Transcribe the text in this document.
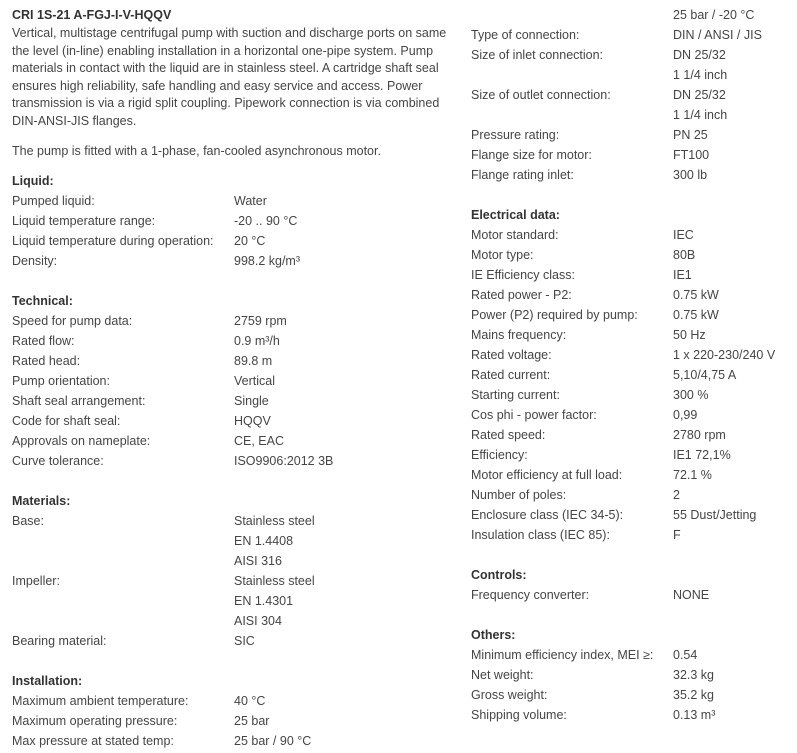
CRI 1S-21 A-FGJ-I-V-HQQV

Vertical, multistage centrifugal pump with suction and discharge ports on same the level (in-line) enabling installation in a horizontal one-pipe system. Pump materials in contact with the liquid are in stainless steel. A cartridge shaft seal ensures high reliability, safe handling and easy service and access. Power transmission is via a rigid split coupling. Pipework connection is via combined DIN-ANSI-JIS flanges.

The pump is fitted with a 1-phase, fan-cooled asynchronous motor.
Liquid:
Pumped liquid:	Water
Liquid temperature range:	-20 .. 90 °C
Liquid temperature during operation: 20 °C
Density:	998.2 kg/m³
Technical:
Speed for pump data:	2759 rpm
Rated flow:	0.9 m³/h
Rated head:	89.8 m
Pump orientation:	Vertical
Shaft seal arrangement:	Single
Code for shaft seal:	HQQV
Approvals on nameplate:	CE, EAC
Curve tolerance:	ISO9906:2012 3B
Materials:
Base:	Stainless steel
EN 1.4408
AISI 316
Impeller:	Stainless steel
EN 1.4301
AISI 304
Bearing material:	SIC
Installation:
Maximum ambient temperature:	40 °C
Maximum operating pressure:	25 bar
Max pressure at stated temp:	25 bar / 90 °C
25 bar / -20 °C
Type of connection:	DIN / ANSI / JIS
Size of inlet connection:	DN 25/32
1 1/4 inch
Size of outlet connection:	DN 25/32
1 1/4 inch
Pressure rating:	PN 25
Flange size for motor:	FT100
Flange rating inlet:	300 lb
Electrical data:
Motor standard:	IEC
Motor type:	80B
IE Efficiency class:	IE1
Rated power - P2:	0.75 kW
Power (P2) required by pump:	0.75 kW
Mains frequency:	50 Hz
Rated voltage:	1 x 220-230/240 V
Rated current:	5,10/4,75 A
Starting current:	300 %
Cos phi - power factor:	0,99
Rated speed:	2780 rpm
Efficiency:	IE1 72,1%
Motor efficiency at full load:	72.1 %
Number of poles:	2
Enclosure class (IEC 34-5):	55 Dust/Jetting
Insulation class (IEC 85):	F
Controls:
Frequency converter:	NONE
Others:
Minimum efficiency index, MEI ≥: 0.54
Net weight:	32.3 kg
Gross weight:	35.2 kg
Shipping volume:	0.13 m³
